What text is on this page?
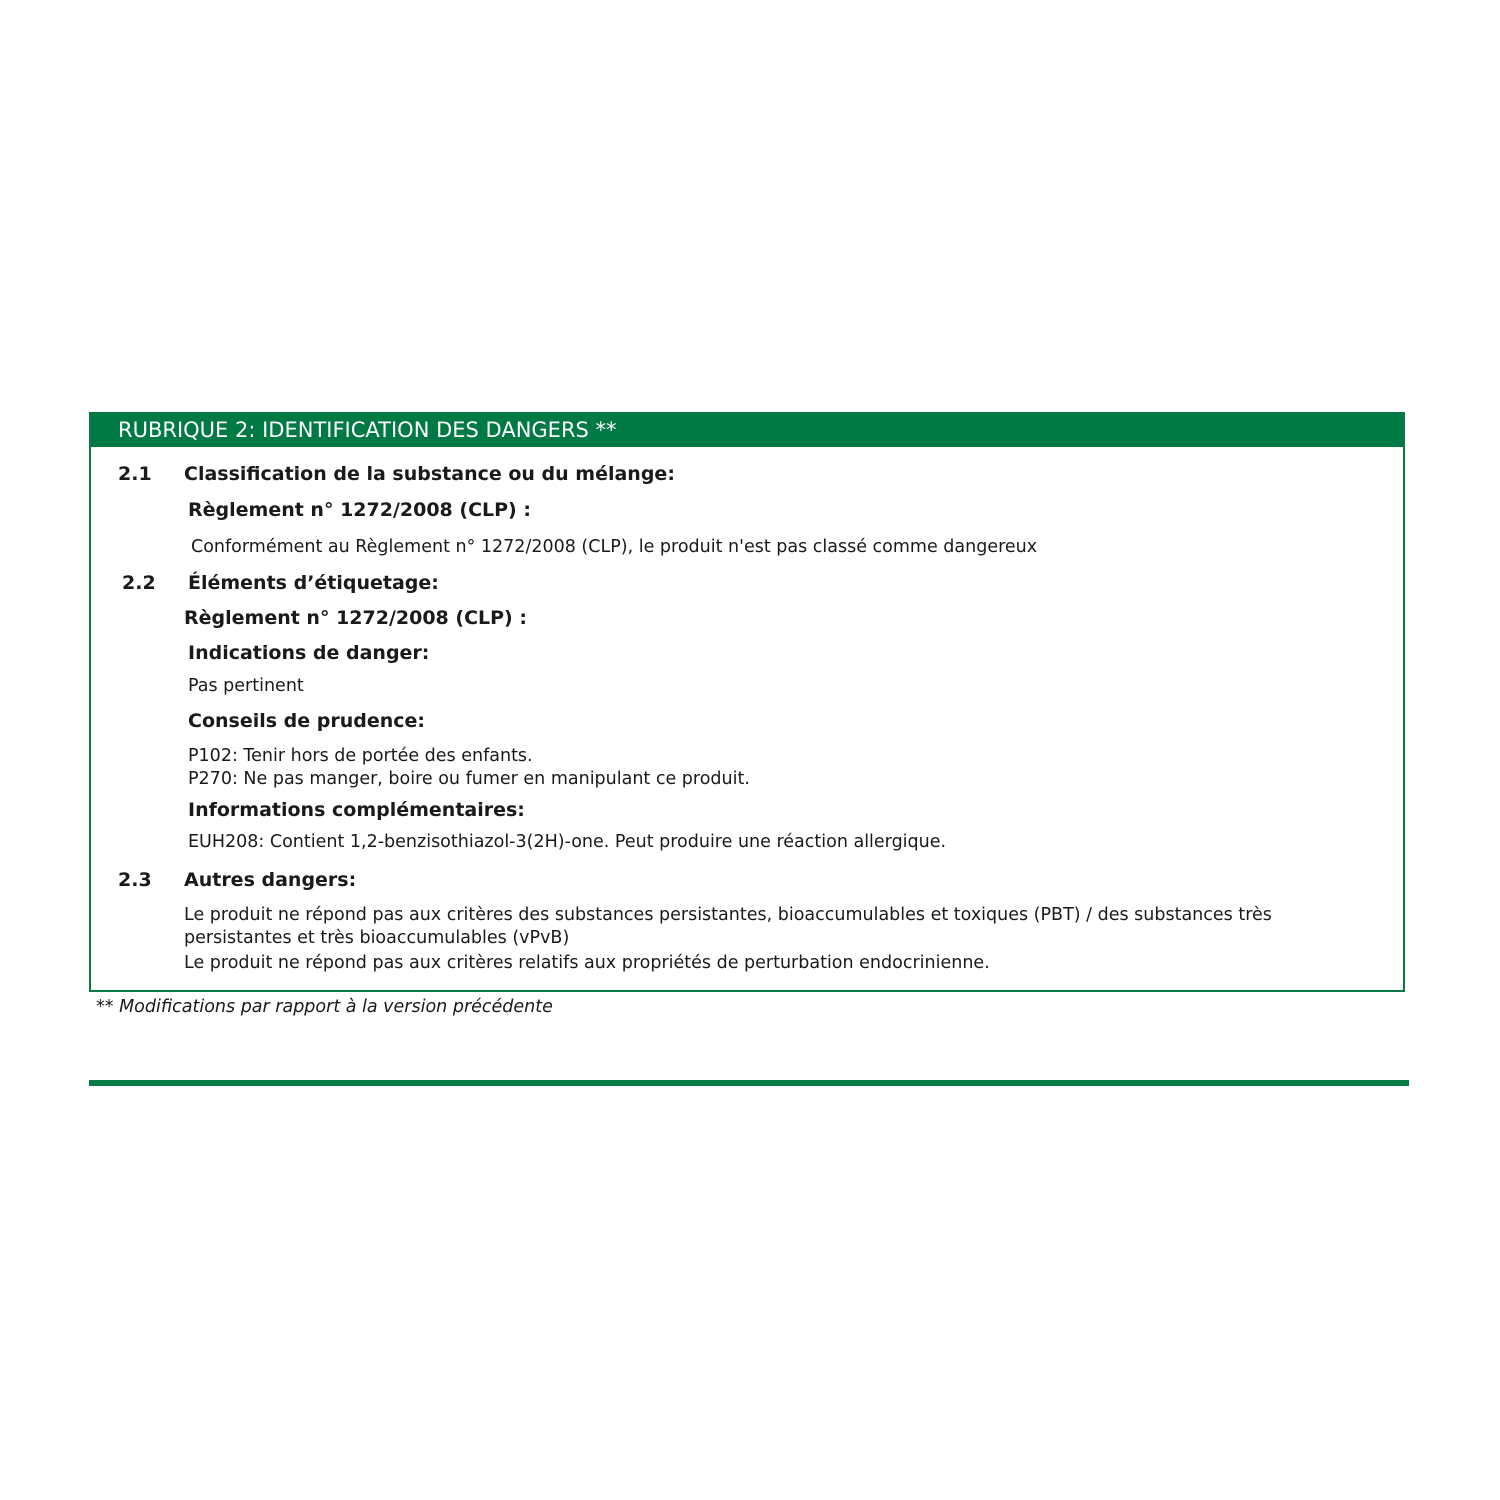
RUBRIQUE 2: IDENTIFICATION DES DANGERS **
2.1 Classification de la substance ou du mélange:
Règlement n° 1272/2008 (CLP) :
Conformément au Règlement n° 1272/2008 (CLP), le produit n'est pas classé comme dangereux
2.2 Éléments d’étiquetage:
Règlement n° 1272/2008 (CLP) :
Indications de danger:
Pas pertinent
Conseils de prudence:
P102: Tenir hors de portée des enfants.
P270: Ne pas manger, boire ou fumer en manipulant ce produit.
Informations complémentaires:
EUH208: Contient 1,2-benzisothiazol-3(2H)-one. Peut produire une réaction allergique.
2.3 Autres dangers:
Le produit ne répond pas aux critères des substances persistantes, bioaccumulables et toxiques (PBT) / des substances très
persistantes et très bioaccumulables (vPvB)
Le produit ne répond pas aux critères relatifs aux propriétés de perturbation endocrinienne.
** Modifications par rapport à la version précédente
